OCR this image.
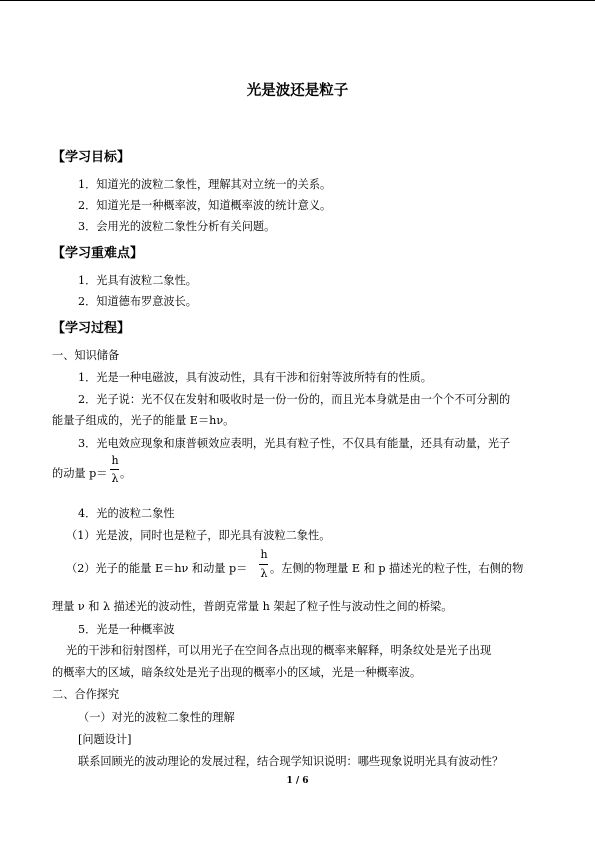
光是波还是粒子
【学习目标】
1．知道光的波粒二象性，理解其对立统一的关系。
2．知道光是一种概率波，知道概率波的统计意义。
3．会用光的波粒二象性分析有关问题。
【学习重难点】
1．光具有波粒二象性。
2．知道德布罗意波长。
【学习过程】
一、知识储备
1．光是一种电磁波，具有波动性，具有干涉和衍射等波所特有的性质。
2．光子说：光不仅在发射和吸收时是一份一份的，而且光本身就是由一个个不可分割的
能量子组成的，光子的能量 E＝hν。
3．光电效应现象和康普顿效应表明，光具有粒子性，不仅具有能量，还具有动量，光子
的动量 p＝
h
λ 。
4．光的波粒二象性
（1）光是波，同时也是粒子，即光具有波粒二象性。
（2）光子的能量 E＝hν 和动量 p＝
h
λ 。左侧的物理量 E 和 p 描述光的粒子性，右侧的物
理量 ν 和 λ 描述光的波动性，普朗克常量 h 架起了粒子性与波动性之间的桥梁。
5．光是一种概率波
光的干涉和衍射图样，可以用光子在空间各点出现的概率来解释，明条纹处是光子出现
的概率大的区域，暗条纹处是光子出现的概率小的区域，光是一种概率波。
二、合作探究
（一）对光的波粒二象性的理解
[问题设计]
联系回顾光的波动理论的发展过程，结合现学知识说明：哪些现象说明光具有波动性？
1 / 6
